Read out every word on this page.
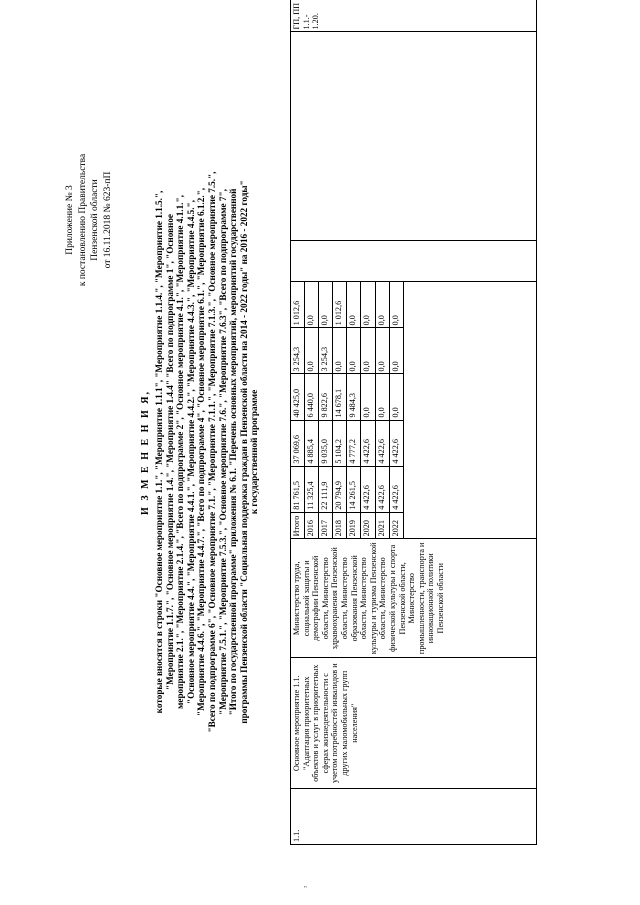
Приложение № 3 к постановлению Правительства Пензенской области от 16.11.2018 № 623-пП
И З М Е Н Е Н И Я, которые вносятся в строки "Основное мероприятие 1.1.", "Мероприятие 1.1.1", "Мероприятие 1.1.4.", "Мероприятие 1.1.5.", "Мероприятие 1.1.7.", "Основное мероприятие 1.4.", "Мероприятие 1.4.4" "Всего по подпрограмме 1", "Основное мероприятие 2.1.", "Мероприятие 2.1.4.", "Всего по подпрограмме 2", "Основное мероприятие 4.1.", "Мероприятие 4.1.1.", "Основное мероприятие 4.4.", "Мероприятие 4.4.1.", "Мероприятие 4.4.2.", "Мероприятие 4.4.3.", "Мероприятие 4.4.5.", "Мероприятие 4.4.6.", "Мероприятие 4.4.7.", "Всего по подпрограмме 4", "Основное мероприятие 6.1.", "Мероприятие 6.1.2.", "Всего по подпрограмме 6", "Основное мероприятие 7.1.", "Мероприятие 7.1.1.", "Мероприятие 7.1.3.", "Основное мероприятие 7.5.", "Мероприятие 7.5.1.", "Мероприятие 7.5.3.", "Основное мероприятие 7.6.", "Мероприятие 7.6.3", "Всего по подпрограмме 7", "Итого по государственной программе" приложения № 6.1. "Перечень основных мероприятий, мероприятий государственной программы Пензенской области "Социальная поддержка граждан в Пензенской области на 2014 - 2022 годы" на 2016 - 2022 годы" к государственной программе
1.1.	Основное мероприятие 1.1. "Адаптация приоритетных объектов и услуг в приоритетных сферах жизнедеятельности с учетом потребностей инвалидов и других маломобильных групп населения"	Министерство труда, социальной защиты и демографии Пензенской области, Министерство здравоохранения Пензенской области, Министерство образования Пензенской области, Министерство культуры и туризма Пензенской области, Министерство физической культуры и спорта Пензенской области, Министерство промышленности, транспорта и инновационной политики Пензенской области	Итого	81 761,5	37 069,6	40 425,0	3 254,3	1 012,6			ГП, ПП 1.1.- 1.20.
			2016	11 325,4	4 885,4	6 440,0	0,0	0,0			
			2017	22 111,9	9 035,0	9 822,6	3 254,3	0,0			
			2018	20 794,9	5 104,2	14 678,1	0,0	1 012,6			
			2019	14 261,5	4 777,2	9 484,3	0,0	0,0			
			2020	4 422,6	4 422,6	0,0	0,0	0,0			
			2021	4 422,6	4 422,6	0,0	0,0	0,0			
			2022	4 422,6	4 422,6	0,0	0,0	0,0			

"
